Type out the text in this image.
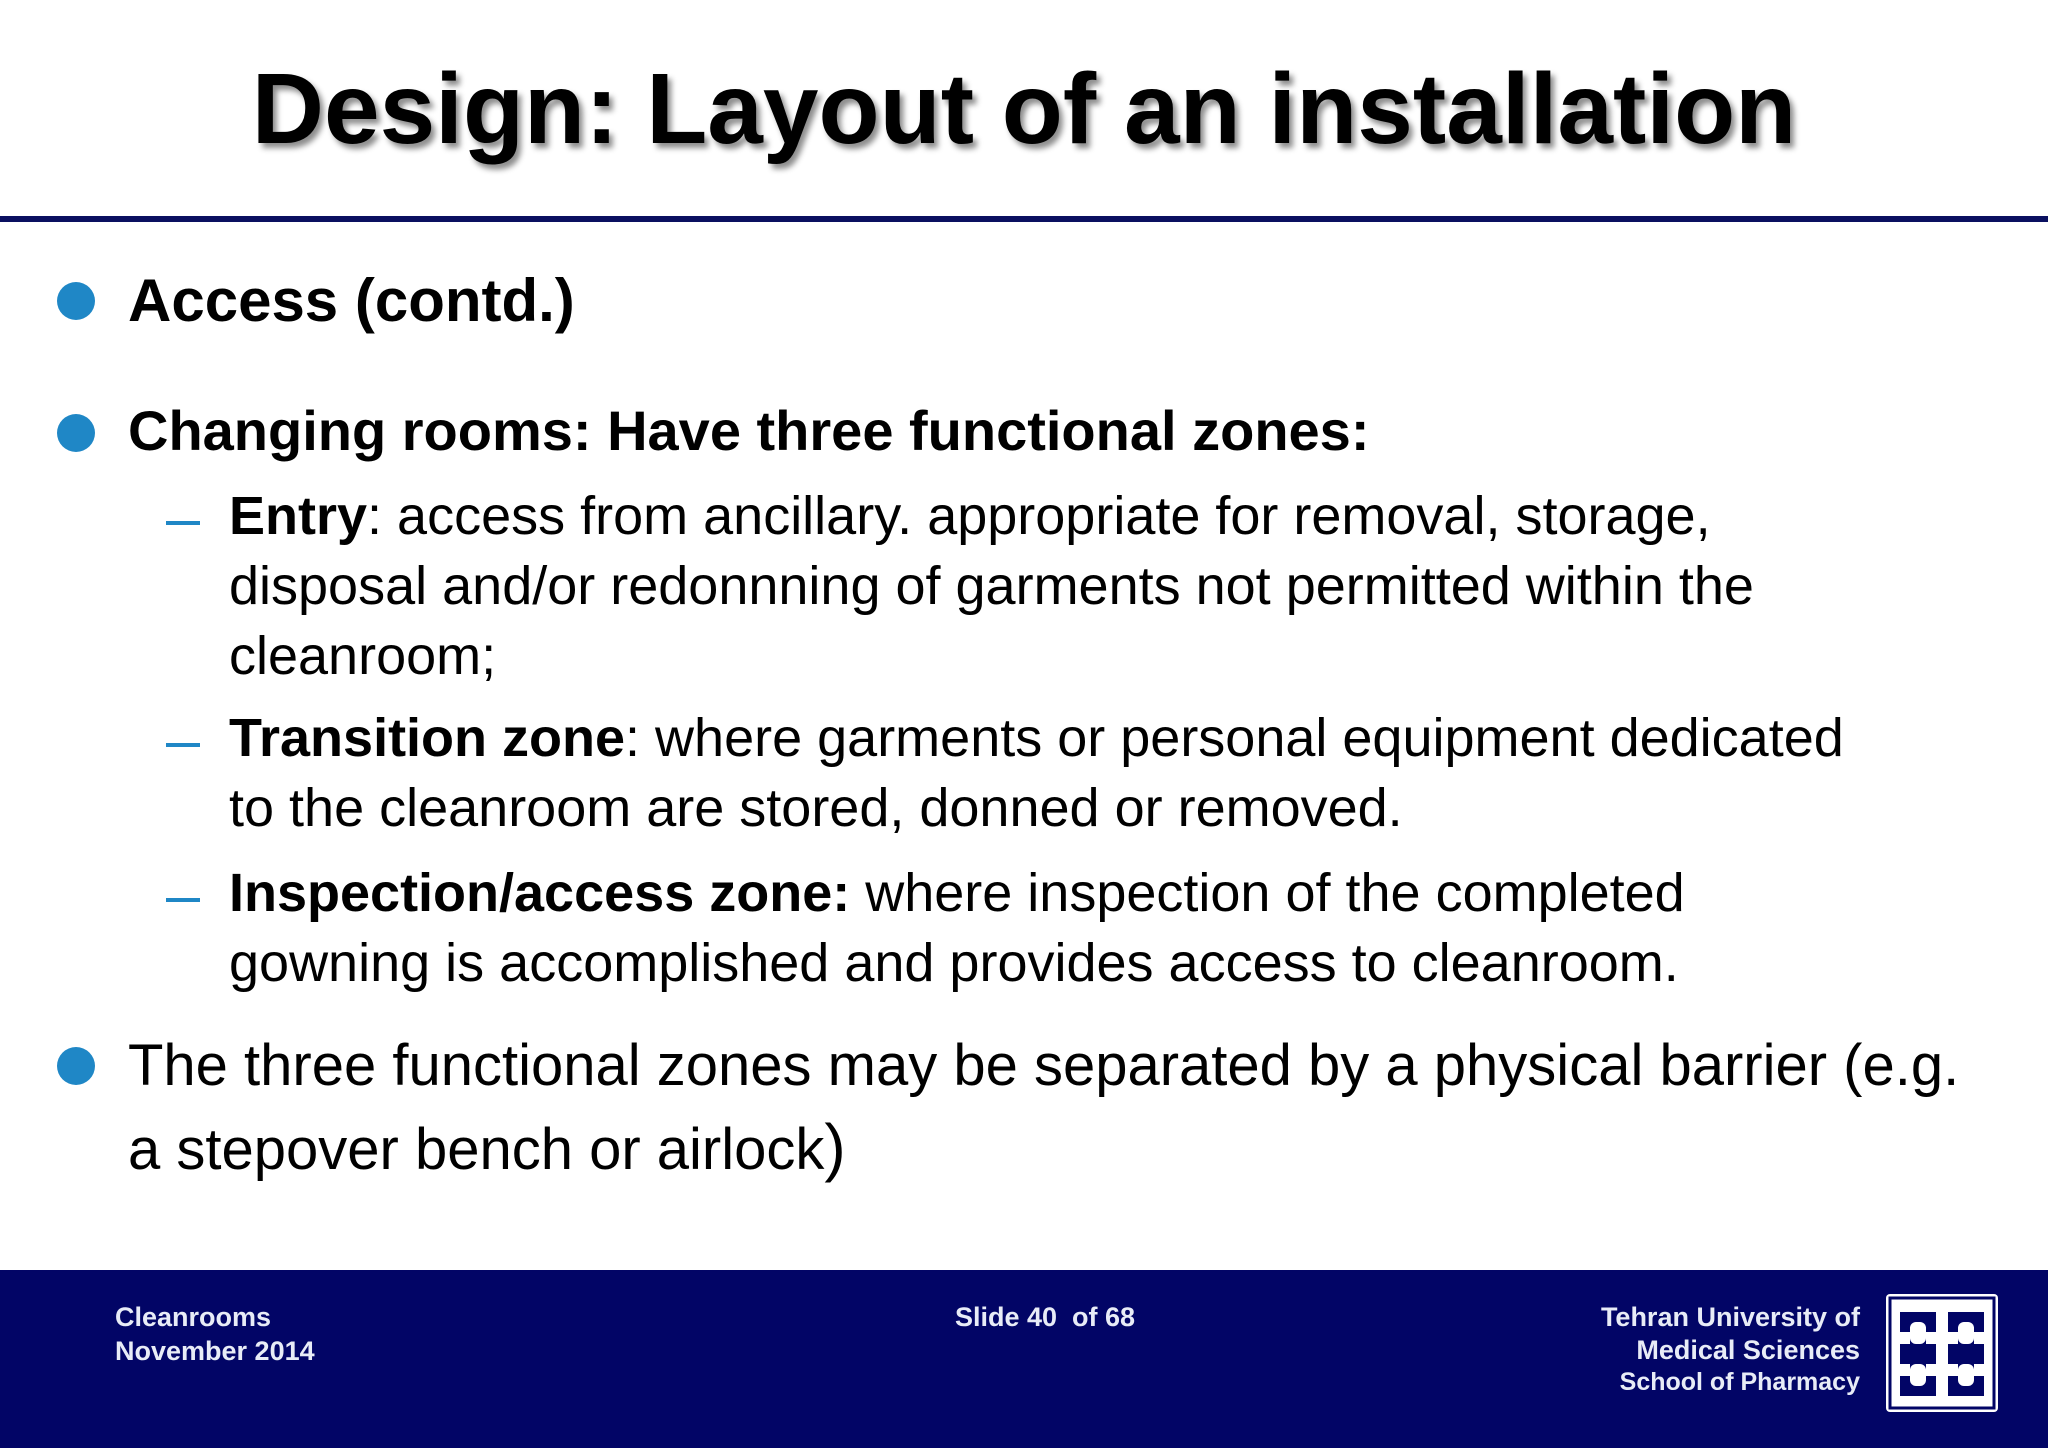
Design: Layout of an installation
Access (contd.)
Changing rooms: Have three functional zones:
Entry: access from ancillary. appropriate for removal, storage,
disposal and/or redonnning of garments not permitted within the
cleanroom;
Transition zone: where garments or personal equipment dedicated
to the cleanroom are stored, donned or removed.
Inspection/access zone: where inspection of the completed
gowning is accomplished and provides access to cleanroom.
The three functional zones may be separated by a physical barrier (e.g.
a stepover bench or airlock)
Cleanrooms
November 2014
Slide 40  of 68	Tehran University of
Medical Sciences
School of Pharmacy
